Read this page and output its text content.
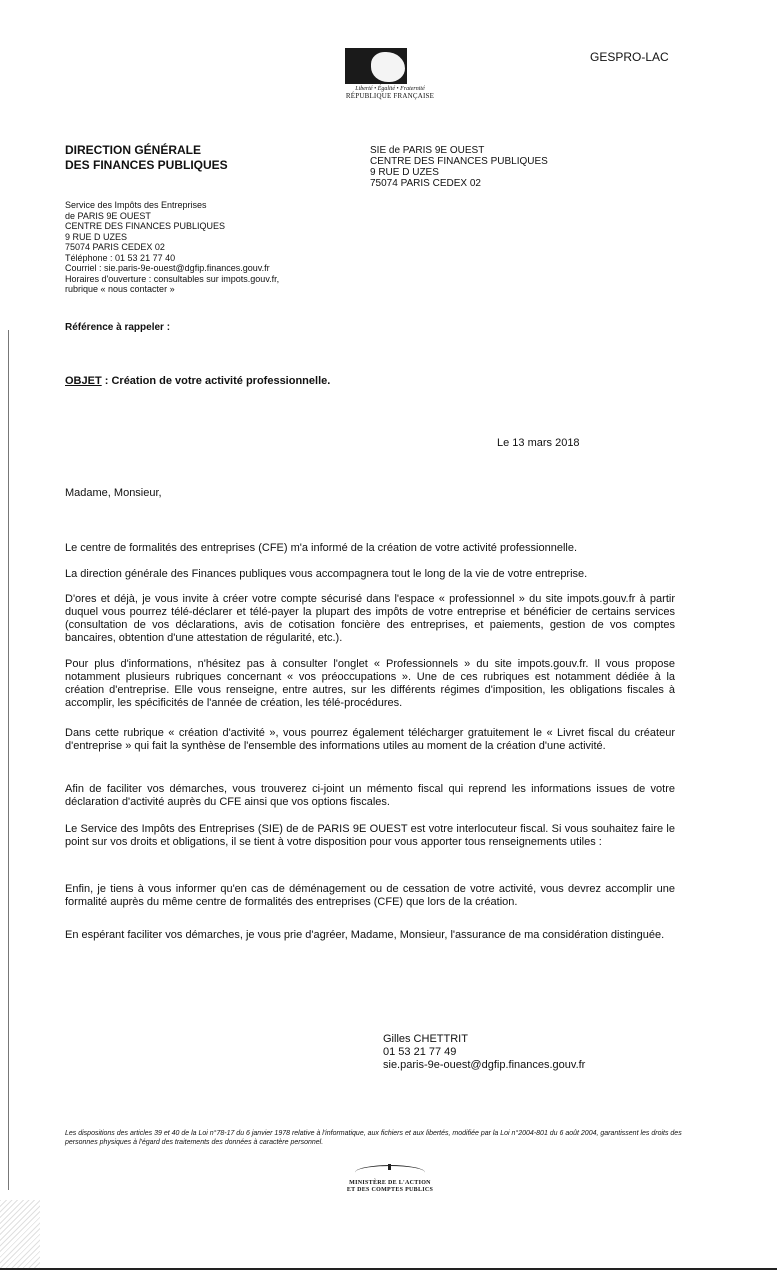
GESPRO-LAC
Liberté • Égalité • Fraternité
RÉPUBLIQUE FRANÇAISE
DIRECTION GÉNÉRALE
DES FINANCES PUBLIQUES
SIE de PARIS 9E OUEST
CENTRE DES FINANCES PUBLIQUES
9 RUE D UZES
75074 PARIS CEDEX 02
Service des Impôts des Entreprises
de PARIS 9E OUEST
CENTRE DES FINANCES PUBLIQUES
9 RUE D UZES
75074 PARIS CEDEX 02
Téléphone : 01 53 21 77 40
Courriel : sie.paris-9e-ouest@dgfip.finances.gouv.fr
Horaires d'ouverture : consultables sur impots.gouv.fr,
rubrique « nous contacter »
Référence à rappeler :
OBJET : Création de votre activité professionnelle.
Le 13 mars 2018
Madame, Monsieur,
Le centre de formalités des entreprises (CFE) m'a informé de la création de votre activité professionnelle.
La direction générale des Finances publiques vous accompagnera tout le long de la vie de votre entreprise.
D'ores et déjà, je vous invite à créer votre compte sécurisé dans l'espace « professionnel » du site impots.gouv.fr à partir duquel vous pourrez télé-déclarer et télé-payer la plupart des impôts de votre entreprise et bénéficier de certains services (consultation de vos déclarations, avis de cotisation foncière des entreprises, et paiements, gestion de vos comptes bancaires, obtention d'une attestation de régularité, etc.).
Pour plus d'informations, n'hésitez pas à consulter l'onglet « Professionnels » du site impots.gouv.fr. Il vous propose notamment plusieurs rubriques concernant « vos préoccupations ». Une de ces rubriques est notamment dédiée à la création d'entreprise. Elle vous renseigne, entre autres, sur les différents régimes d'imposition, les obligations fiscales à accomplir, les spécificités de l'année de création, les télé-procédures.
Dans cette rubrique « création d'activité », vous pourrez également télécharger gratuitement le « Livret fiscal du créateur d'entreprise » qui fait la synthèse de l'ensemble des informations utiles au moment de la création d'une activité.
Afin de faciliter vos démarches, vous trouverez ci-joint un mémento fiscal qui reprend les informations issues de votre déclaration d'activité auprès du CFE ainsi que vos options fiscales.
Le Service des Impôts des Entreprises (SIE) de de PARIS 9E OUEST est votre interlocuteur fiscal. Si vous souhaitez faire le point sur vos droits et obligations, il se tient à votre disposition pour vous apporter tous renseignements utiles :
Enfin, je tiens à vous informer qu'en cas de déménagement ou de cessation de votre activité, vous devrez accomplir une formalité auprès du même centre de formalités des entreprises (CFE) que lors de la création.
En espérant faciliter vos démarches, je vous prie d'agréer, Madame, Monsieur, l'assurance de ma considération distinguée.
Gilles CHETTRIT
01 53 21 77 49
sie.paris-9e-ouest@dgfip.finances.gouv.fr
Les dispositions des articles 39 et 40 de la Loi n°78-17 du 6 janvier 1978 relative à l'informatique, aux fichiers et aux libertés, modifiée par la Loi n°2004-801 du 6 août 2004, garantissent les droits des personnes physiques à l'égard des traitements des données à caractère personnel.
MINISTÈRE DE L'ACTION
ET DES COMPTES PUBLICS
